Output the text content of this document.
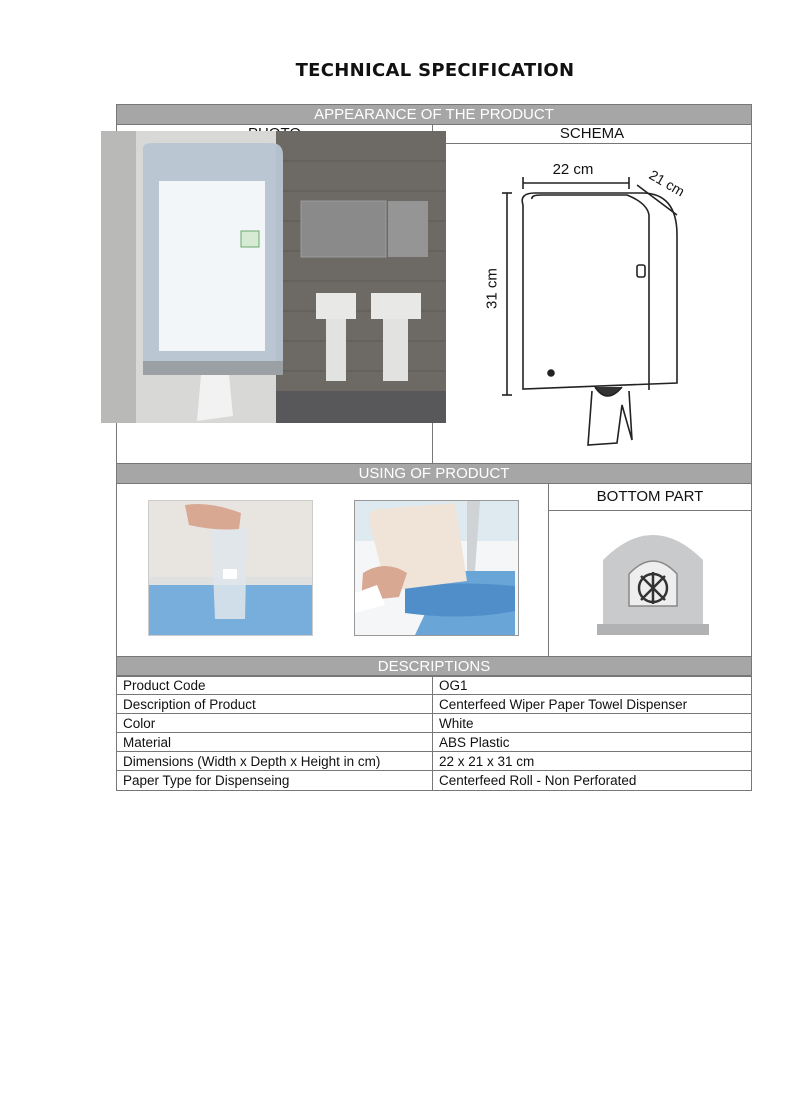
TECHNICAL SPECIFICATION
APPEARANCE OF THE PRODUCT
SCHEMA
22 cm	21 cm
31 cm
USING OF PRODUCT
BOTTOM PART
DESCRIPTIONS
Product Code	OG1
Description of Product	Centerfeed Wiper Paper Towel Dispenser
Color	White
Material	ABS Plastic
Dimensions (Width x Depth x Height in cm)	22 x 21 x 31 cm
Paper Type for Dispenseing	Centerfeed Roll - Non Perforated
